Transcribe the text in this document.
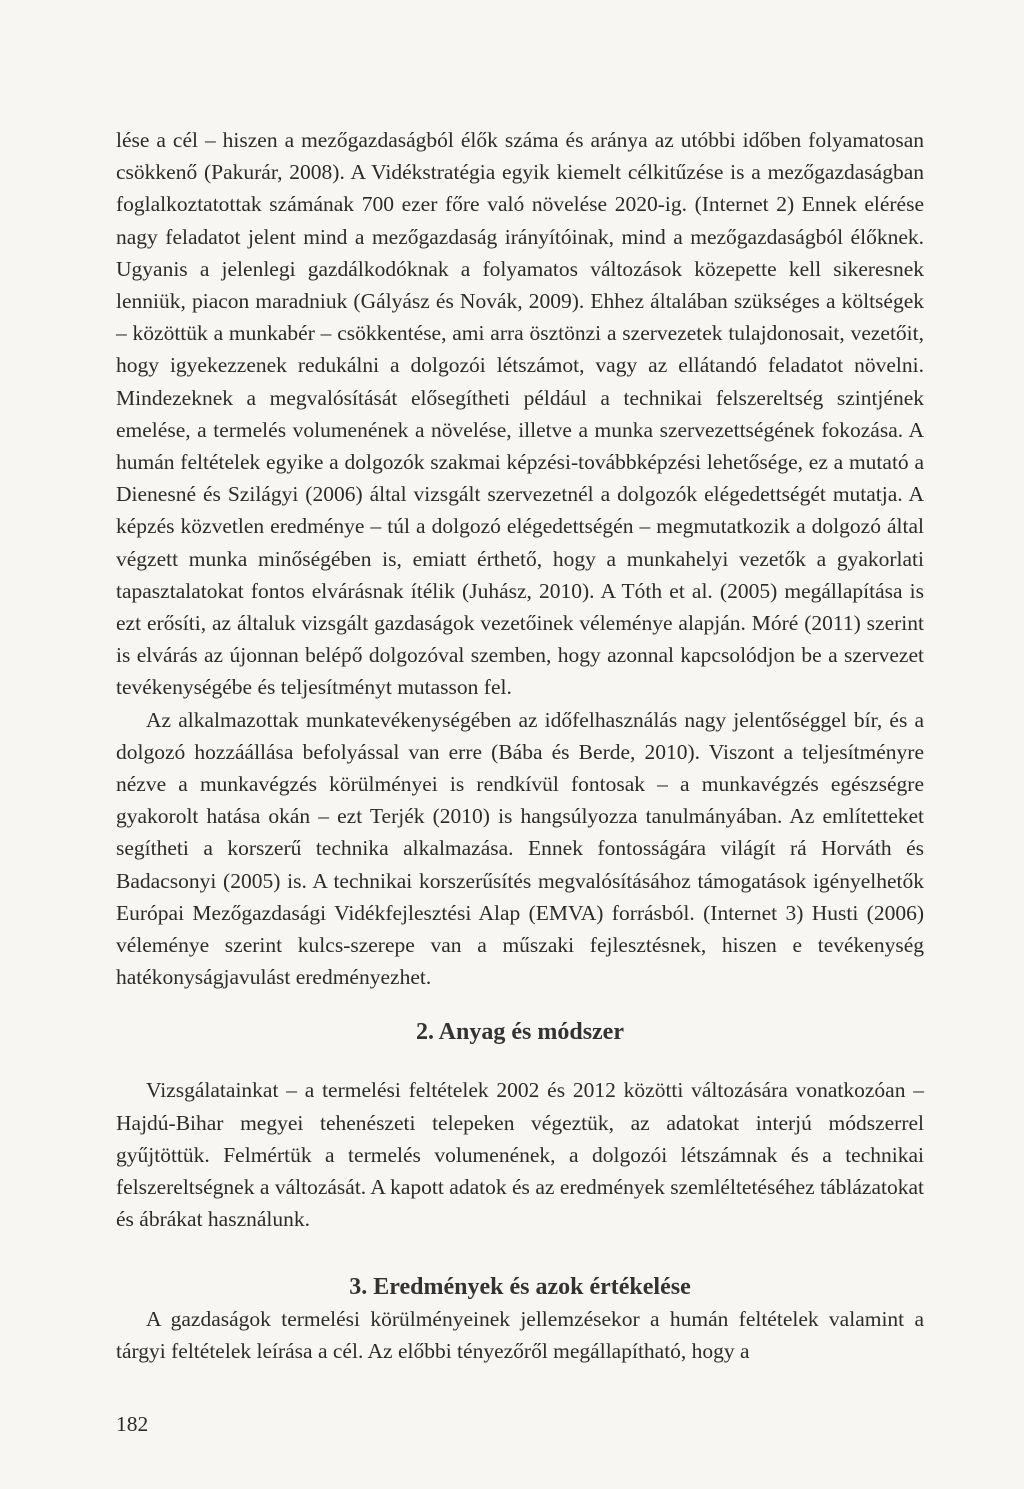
lése a cél – hiszen a mezőgazdaságból élők száma és aránya az utóbbi időben folyamatosan csökkenő (Pakurár, 2008). A Vidékstratégia egyik kiemelt célkitűzése is a mezőgazdaságban foglalkoztatottak számának 700 ezer főre való növelése 2020-ig. (Internet 2) Ennek elérése nagy feladatot jelent mind a mezőgazdaság irányítóinak, mind a mezőgazdaságból élőknek. Ugyanis a jelenlegi gazdálkodóknak a folyamatos változások közepette kell sikeresnek lenniük, piacon maradniuk (Gályász és Novák, 2009). Ehhez általában szükséges a költségek – közöttük a munkabér – csökkentése, ami arra ösztönzi a szervezetek tulajdonosait, vezetőit, hogy igyekezzenek redukálni a dolgozói létszámot, vagy az ellátandó feladatot növelni. Mindezeknek a megvalósítását elősegítheti például a technikai felszereltség szintjének emelése, a termelés volumenének a növelése, illetve a munka szervezettségének fokozása. A humán feltételek egyike a dolgozók szakmai képzési-továbbképzési lehetősége, ez a mutató a Dienesné és Szilágyi (2006) által vizsgált szervezetnél a dolgozók elégedettségét mutatja. A képzés közvetlen eredménye – túl a dolgozó elégedettségén – megmutatkozik a dolgozó által végzett munka minőségében is, emiatt érthető, hogy a munkahelyi vezetők a gyakorlati tapasztalatokat fontos elvárásnak ítélik (Juhász, 2010). A Tóth et al. (2005) megállapítása is ezt erősíti, az általuk vizsgált gazdaságok vezetőinek véleménye alapján. Móré (2011) szerint is elvárás az újonnan belépő dolgozóval szemben, hogy azonnal kapcsolódjon be a szervezet tevékenységébe és teljesítményt mutasson fel.

Az alkalmazottak munkatevékenységében az időfelhasználás nagy jelentőséggel bír, és a dolgozó hozzáállása befolyással van erre (Bába és Berde, 2010). Viszont a teljesítményre nézve a munkavégzés körülményei is rendkívül fontosak – a munkavégzés egészségre gyakorolt hatása okán – ezt Terjék (2010) is hangsúlyozza tanulmányában. Az említetteket segítheti a korszerű technika alkalmazása. Ennek fontosságára világít rá Horváth és Badacsonyi (2005) is. A technikai korszerűsítés megvalósításához támogatások igényelhetők Európai Mezőgazdasági Vidékfejlesztési Alap (EMVA) forrásból. (Internet 3) Husti (2006) véleménye szerint kulcs-szerepe van a műszaki fejlesztésnek, hiszen e tevékenység hatékonyságjavulást eredményezhet.

2. Anyag és módszer

Vizsgálatainkat – a termelési feltételek 2002 és 2012 közötti változására vonatkozóan – Hajdú-Bihar megyei tehenészeti telepeken végeztük, az adatokat interjú módszerrel gyűjtöttük. Felmértük a termelés volumenének, a dolgozói létszámnak és a technikai felszereltségnek a változását. A kapott adatok és az eredmények szemléltetéséhez táblázatokat és ábrákat használunk.

3. Eredmények és azok értékelése

A gazdaságok termelési körülményeinek jellemzésekor a humán feltételek valamint a tárgyi feltételek leírása a cél. Az előbbi tényezőről megállapítható, hogy a

182
